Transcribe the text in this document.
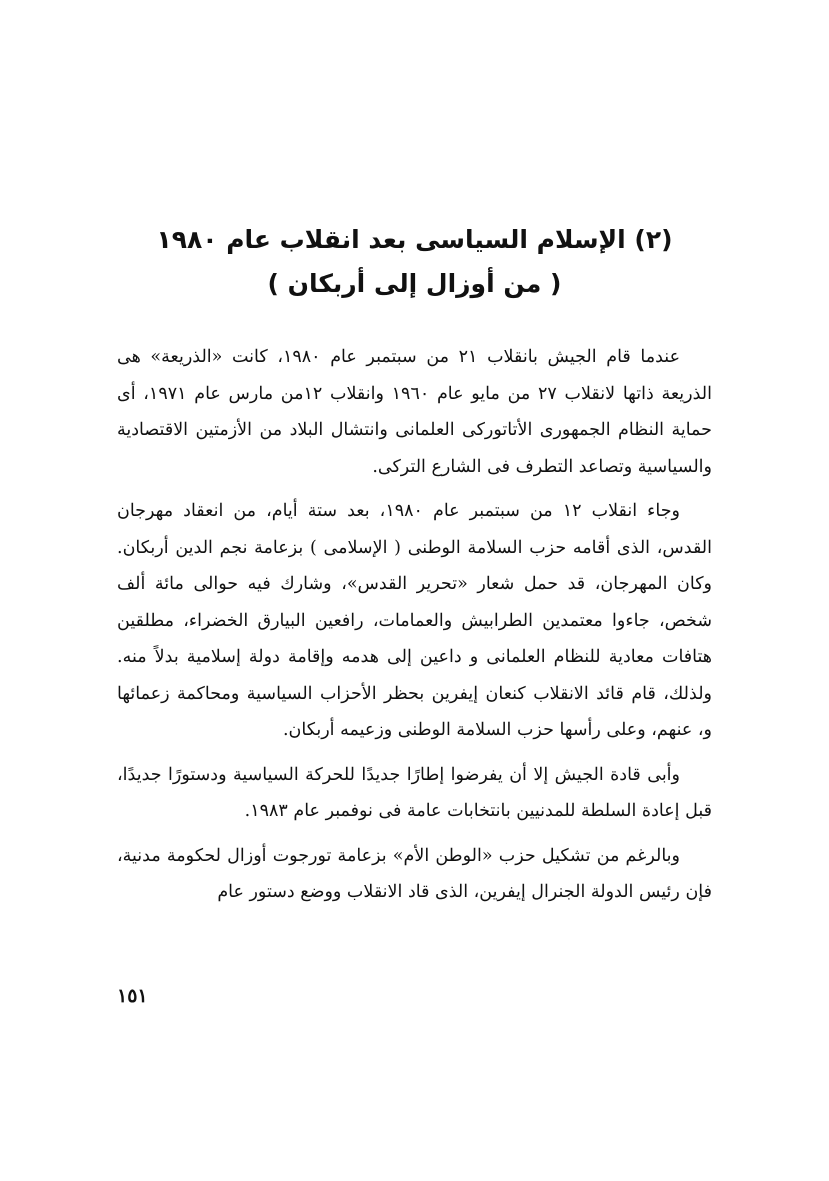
(٢) الإسلام السياسى بعد انقلاب عام ١٩٨٠
( من أوزال إلى أربكان )

عندما قام الجيش بانقلاب ٢١ من سبتمبر عام ١٩٨٠، كانت «الذريعة» هى الذريعة ذاتها لانقلاب ٢٧ من مايو عام ١٩٦٠ وانقلاب ١٢من مارس عام ١٩٧١، أى حماية النظام الجمهورى الأتاتوركى العلمانى وانتشال البلاد من الأزمتين الاقتصادية والسياسية وتصاعد التطرف فى الشارع التركى.

وجاء انقلاب ١٢ من سبتمبر عام ١٩٨٠، بعد ستة أيام، من انعقاد مهرجان القدس، الذى أقامه حزب السلامة الوطنى ( الإسلامى ) بزعامة نجم الدين أربكان. وكان المهرجان، قد حمل شعار «تحرير القدس»، وشارك فيه حوالى مائة ألف شخص، جاءوا معتمدين الطرابيش والعمامات، رافعين البيارق الخضراء، مطلقين هتافات معادية للنظام العلمانى و داعين إلى هدمه وإقامة دولة إسلامية بدلاً منه. ولذلك، قام قائد الانقلاب كنعان إيفرين بحظر الأحزاب السياسية ومحاكمة زعمائها و، عنهم، وعلى رأسها حزب السلامة الوطنى وزعيمه أربكان.

وأبى قادة الجيش إلا أن يفرضوا إطارًا جديدًا للحركة السياسية ودستورًا جديدًا، قبل إعادة السلطة للمدنيين بانتخابات عامة فى نوفمبر عام ١٩٨٣.

وبالرغم من تشكيل حزب «الوطن الأم» بزعامة تورجوت أوزال لحكومة مدنية، فإن رئيس الدولة الجنرال إيفرين، الذى قاد الانقلاب ووضع دستور عام

١٥١
